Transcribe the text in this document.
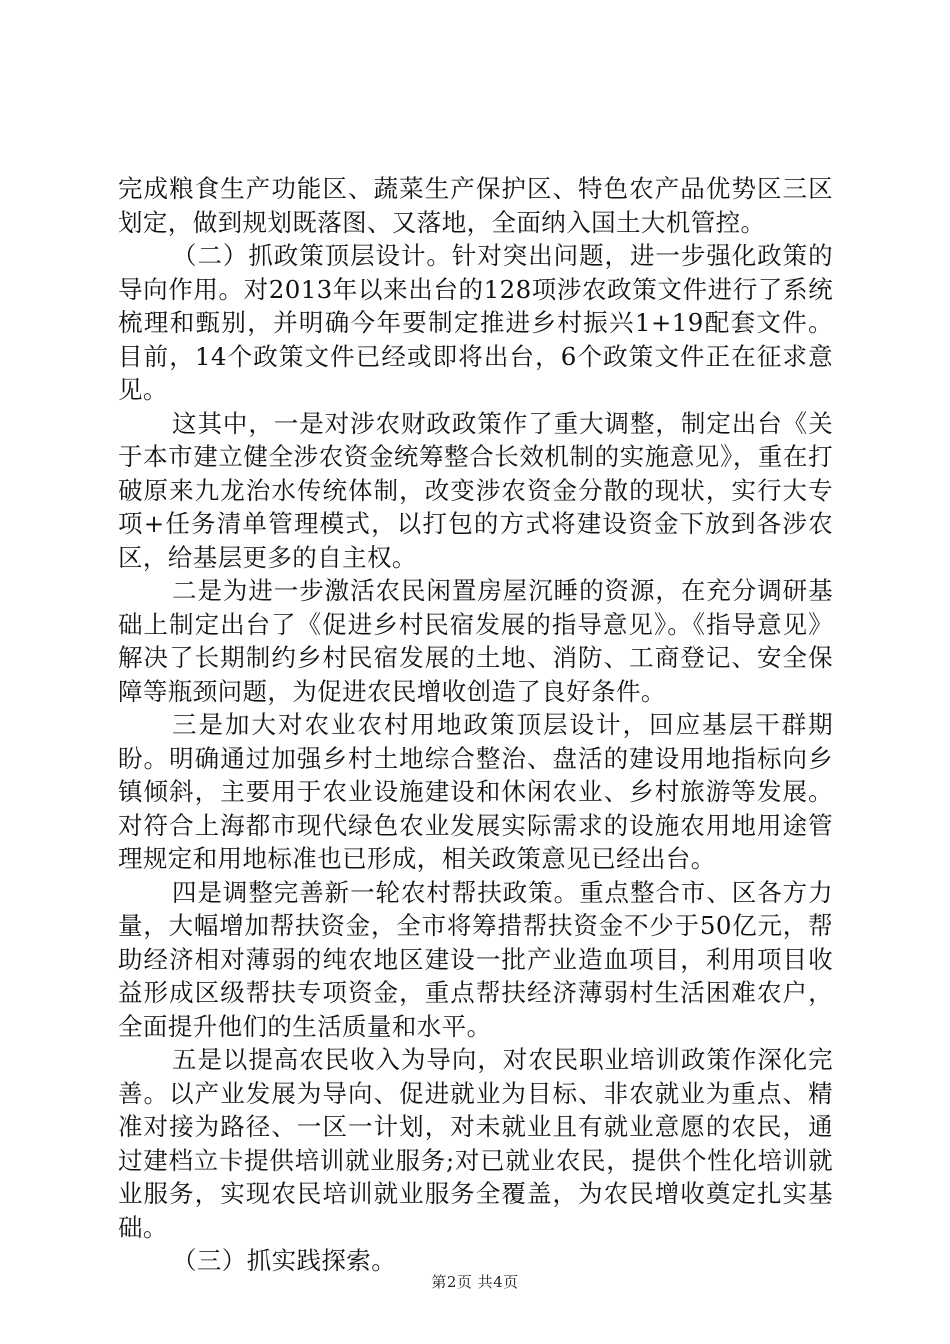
完成粮食生产功能区、蔬菜生产保护区、特色农产品优势区三区划定，做到规划既落图、又落地，全面纳入国土大机管控。

（二）抓政策顶层设计。针对突出问题，进一步强化政策的导向作用。对2013年以来出台的128项涉农政策文件进行了系统梳理和甄别，并明确今年要制定推进乡村振兴1+19配套文件。目前，14个政策文件已经或即将出台，6个政策文件正在征求意见。

这其中，一是对涉农财政政策作了重大调整，制定出台《关于本市建立健全涉农资金统筹整合长效机制的实施意见》，重在打破原来九龙治水传统体制，改变涉农资金分散的现状，实行大专项+任务清单管理模式，以打包的方式将建设资金下放到各涉农区，给基层更多的自主权。

二是为进一步激活农民闲置房屋沉睡的资源，在充分调研基础上制定出台了《促进乡村民宿发展的指导意见》。《指导意见》解决了长期制约乡村民宿发展的土地、消防、工商登记、安全保障等瓶颈问题，为促进农民增收创造了良好条件。

三是加大对农业农村用地政策顶层设计，回应基层干群期盼。明确通过加强乡村土地综合整治、盘活的建设用地指标向乡镇倾斜，主要用于农业设施建设和休闲农业、乡村旅游等发展。对符合上海都市现代绿色农业发展实际需求的设施农用地用途管理规定和用地标准也已形成，相关政策意见已经出台。

四是调整完善新一轮农村帮扶政策。重点整合市、区各方力量，大幅增加帮扶资金，全市将筹措帮扶资金不少于50亿元，帮助经济相对薄弱的纯农地区建设一批产业造血项目，利用项目收益形成区级帮扶专项资金，重点帮扶经济薄弱村生活困难农户，全面提升他们的生活质量和水平。

五是以提高农民收入为导向，对农民职业培训政策作深化完善。以产业发展为导向、促进就业为目标、非农就业为重点、精准对接为路径、一区一计划，对未就业且有就业意愿的农民，通过建档立卡提供培训就业服务;对已就业农民，提供个性化培训就业服务，实现农民培训就业服务全覆盖，为农民增收奠定扎实基础。

（三）抓实践探索。

第2页 共4页
